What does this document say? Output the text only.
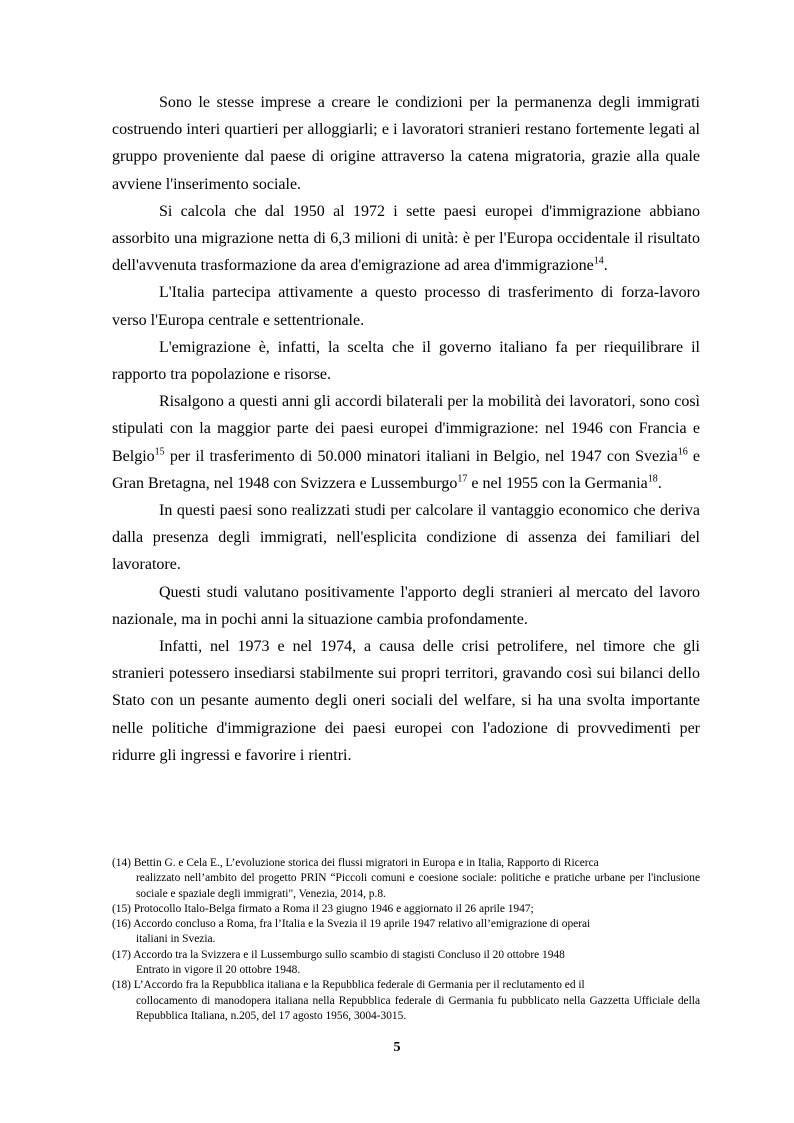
Sono le stesse imprese a creare le condizioni per la permanenza degli immigrati costruendo interi quartieri per alloggiarli; e i lavoratori stranieri restano fortemente legati al gruppo proveniente dal paese di origine attraverso la catena migratoria, grazie alla quale avviene l'inserimento sociale.

Si calcola che dal 1950 al 1972 i sette paesi europei d'immigrazione abbiano assorbito una migrazione netta di 6,3 milioni di unità: è per l'Europa occidentale il risultato dell'avvenuta trasformazione da area d'emigrazione ad area d'immigrazione$^{14}$.

L'Italia partecipa attivamente a questo processo di trasferimento di forza-lavoro verso l'Europa centrale e settentrionale.

L'emigrazione è, infatti, la scelta che il governo italiano fa per riequilibrare il rapporto tra popolazione e risorse.

Risalgono a questi anni gli accordi bilaterali per la mobilità dei lavoratori, sono così stipulati con la maggior parte dei paesi europei d'immigrazione: nel 1946 con Francia e Belgio$^{15}$ per il trasferimento di 50.000 minatori italiani in Belgio, nel 1947 con Svezia$^{16}$ e Gran Bretagna, nel 1948 con Svizzera e Lussemburgo$^{17}$ e nel 1955 con la Germania$^{18}$.

In questi paesi sono realizzati studi per calcolare il vantaggio economico che deriva dalla presenza degli immigrati, nell'esplicita condizione di assenza dei familiari del lavoratore.

Questi studi valutano positivamente l'apporto degli stranieri al mercato del lavoro nazionale, ma in pochi anni la situazione cambia profondamente.

Infatti, nel 1973 e nel 1974, a causa delle crisi petrolifere, nel timore che gli stranieri potessero insediarsi stabilmente sui propri territori, gravando così sui bilanci dello Stato con un pesante aumento degli oneri sociali del welfare, si ha una svolta importante nelle politiche d'immigrazione dei paesi europei con l'adozione di provvedimenti per ridurre gli ingressi e favorire i rientri.

(14) Bettin G. e Cela E., L’evoluzione storica dei flussi migratori in Europa e in Italia, Rapporto di Ricerca
realizzato nell’ambito del progetto PRIN “Piccoli comuni e coesione sociale: politiche e pratiche urbane per l'inclusione sociale e spaziale degli immigrati", Venezia, 2014, p.8.
(15) Protocollo Italo-Belga firmato a Roma il 23 giugno 1946 e aggiornato il 26 aprile 1947;
(16) Accordo concluso a Roma, fra l’Italia e la Svezia il 19 aprile 1947 relativo all’emigrazione di operai
italiani in Svezia.
(17) Accordo tra la Svizzera e il Lussemburgo sullo scambio di stagisti Concluso il 20 ottobre 1948
Entrato in vigore il 20 ottobre 1948.
(18) L’Accordo fra la Repubblica italiana e la Repubblica federale di Germania per il reclutamento ed il
collocamento di manodopera italiana nella Repubblica federale di Germania fu pubblicato nella Gazzetta Ufficiale della Repubblica Italiana, n.205, del 17 agosto 1956, 3004-3015.
5
